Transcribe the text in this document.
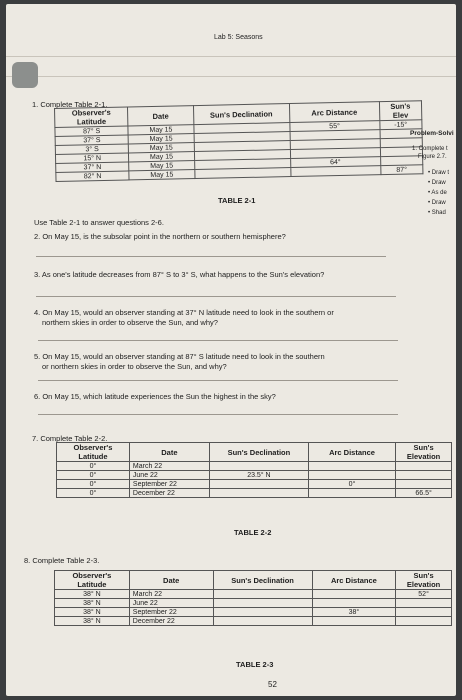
Lab 5: Seasons
1. Complete Table 2-1.
Observer's Latitude	Date	Sun's Declination	Arc Distance	Sun's Elev
87° S	May 15		55°	-15°
37° S	May 15			
3° S	May 15			
15° N	May 15			
37° N	May 15		64°	
82° N	May 15			87°
TABLE 2-1
Problem-Solvi
1. Complete t
Figure 2.7.
• Draw t
• Draw
• As de
• Draw
• Shad
Use Table 2-1 to answer questions 2-6.
2. On May 15, is the subsolar point in the northern or southern hemisphere?
3. As one's latitude decreases from 87° S to 3° S, what happens to the Sun's elevation?
4. On May 15, would an observer standing at 37° N latitude need to look in the southern or
northern skies in order to observe the Sun, and why?
5. On May 15, would an observer standing at 87° S latitude need to look in the southern
or northern skies in order to observe the Sun, and why?
6. On May 15, which latitude experiences the Sun the highest in the sky?
7. Complete Table 2-2.
Observer's Latitude	Date	Sun's Declination	Arc Distance	Sun's Elevation
0°	March 22			
0°	June 22	23.5° N		
0°	September 22		0°	
0°	December 22			66.5°
TABLE 2-2
8. Complete Table 2-3.
Observer's Latitude	Date	Sun's Declination	Arc Distance	Sun's Elevation
38° N	March 22			52°
38° N	June 22			
38° N	September 22		38°	
38° N	December 22			
TABLE 2-3
52
